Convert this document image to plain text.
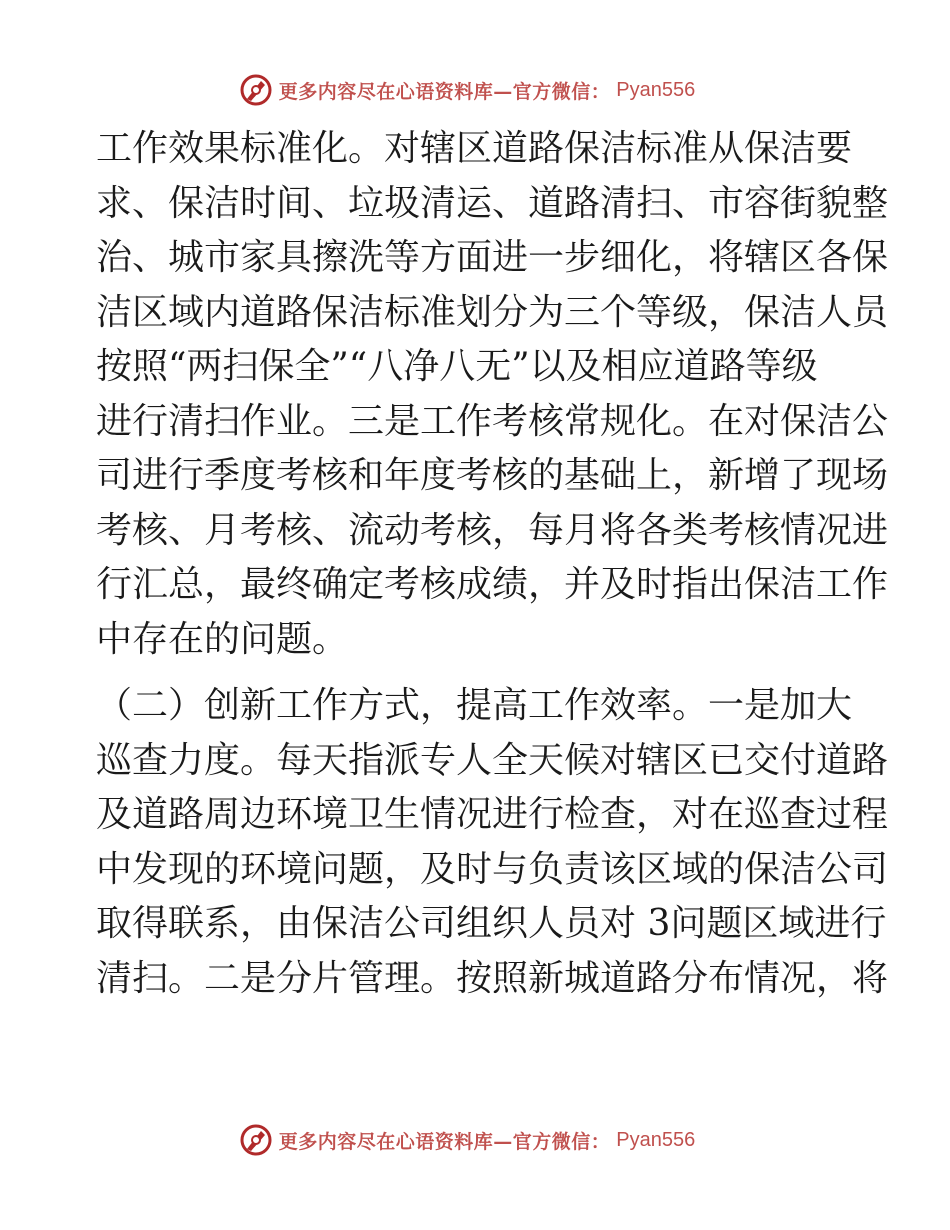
更多内容尽在心语资料库—官方微信： Pyan556
工作效果标准化。对辖区道路保洁标准从保洁要
求、保洁时间、垃圾清运、道路清扫、市容街貌整
治、城市家具擦洗等方面进一步细化，将辖区各保
洁区域内道路保洁标准划分为三个等级，保洁人员
按照“两扫保全”“八净八无”以及相应道路等级
进行清扫作业。三是工作考核常规化。在对保洁公
司进行季度考核和年度考核的基础上，新增了现场
考核、月考核、流动考核，每月将各类考核情况进
行汇总，最终确定考核成绩，并及时指出保洁工作
中存在的问题。
（二）创新工作方式，提高工作效率。一是加大
巡查力度。每天指派专人全天候对辖区已交付道路
及道路周边环境卫生情况进行检查，对在巡查过程
中发现的环境问题，及时与负责该区域的保洁公司
取得联系，由保洁公司组织人员对 3问题区域进行
清扫。二是分片管理。按照新城道路分布情况，将
更多内容尽在心语资料库—官方微信： Pyan556
